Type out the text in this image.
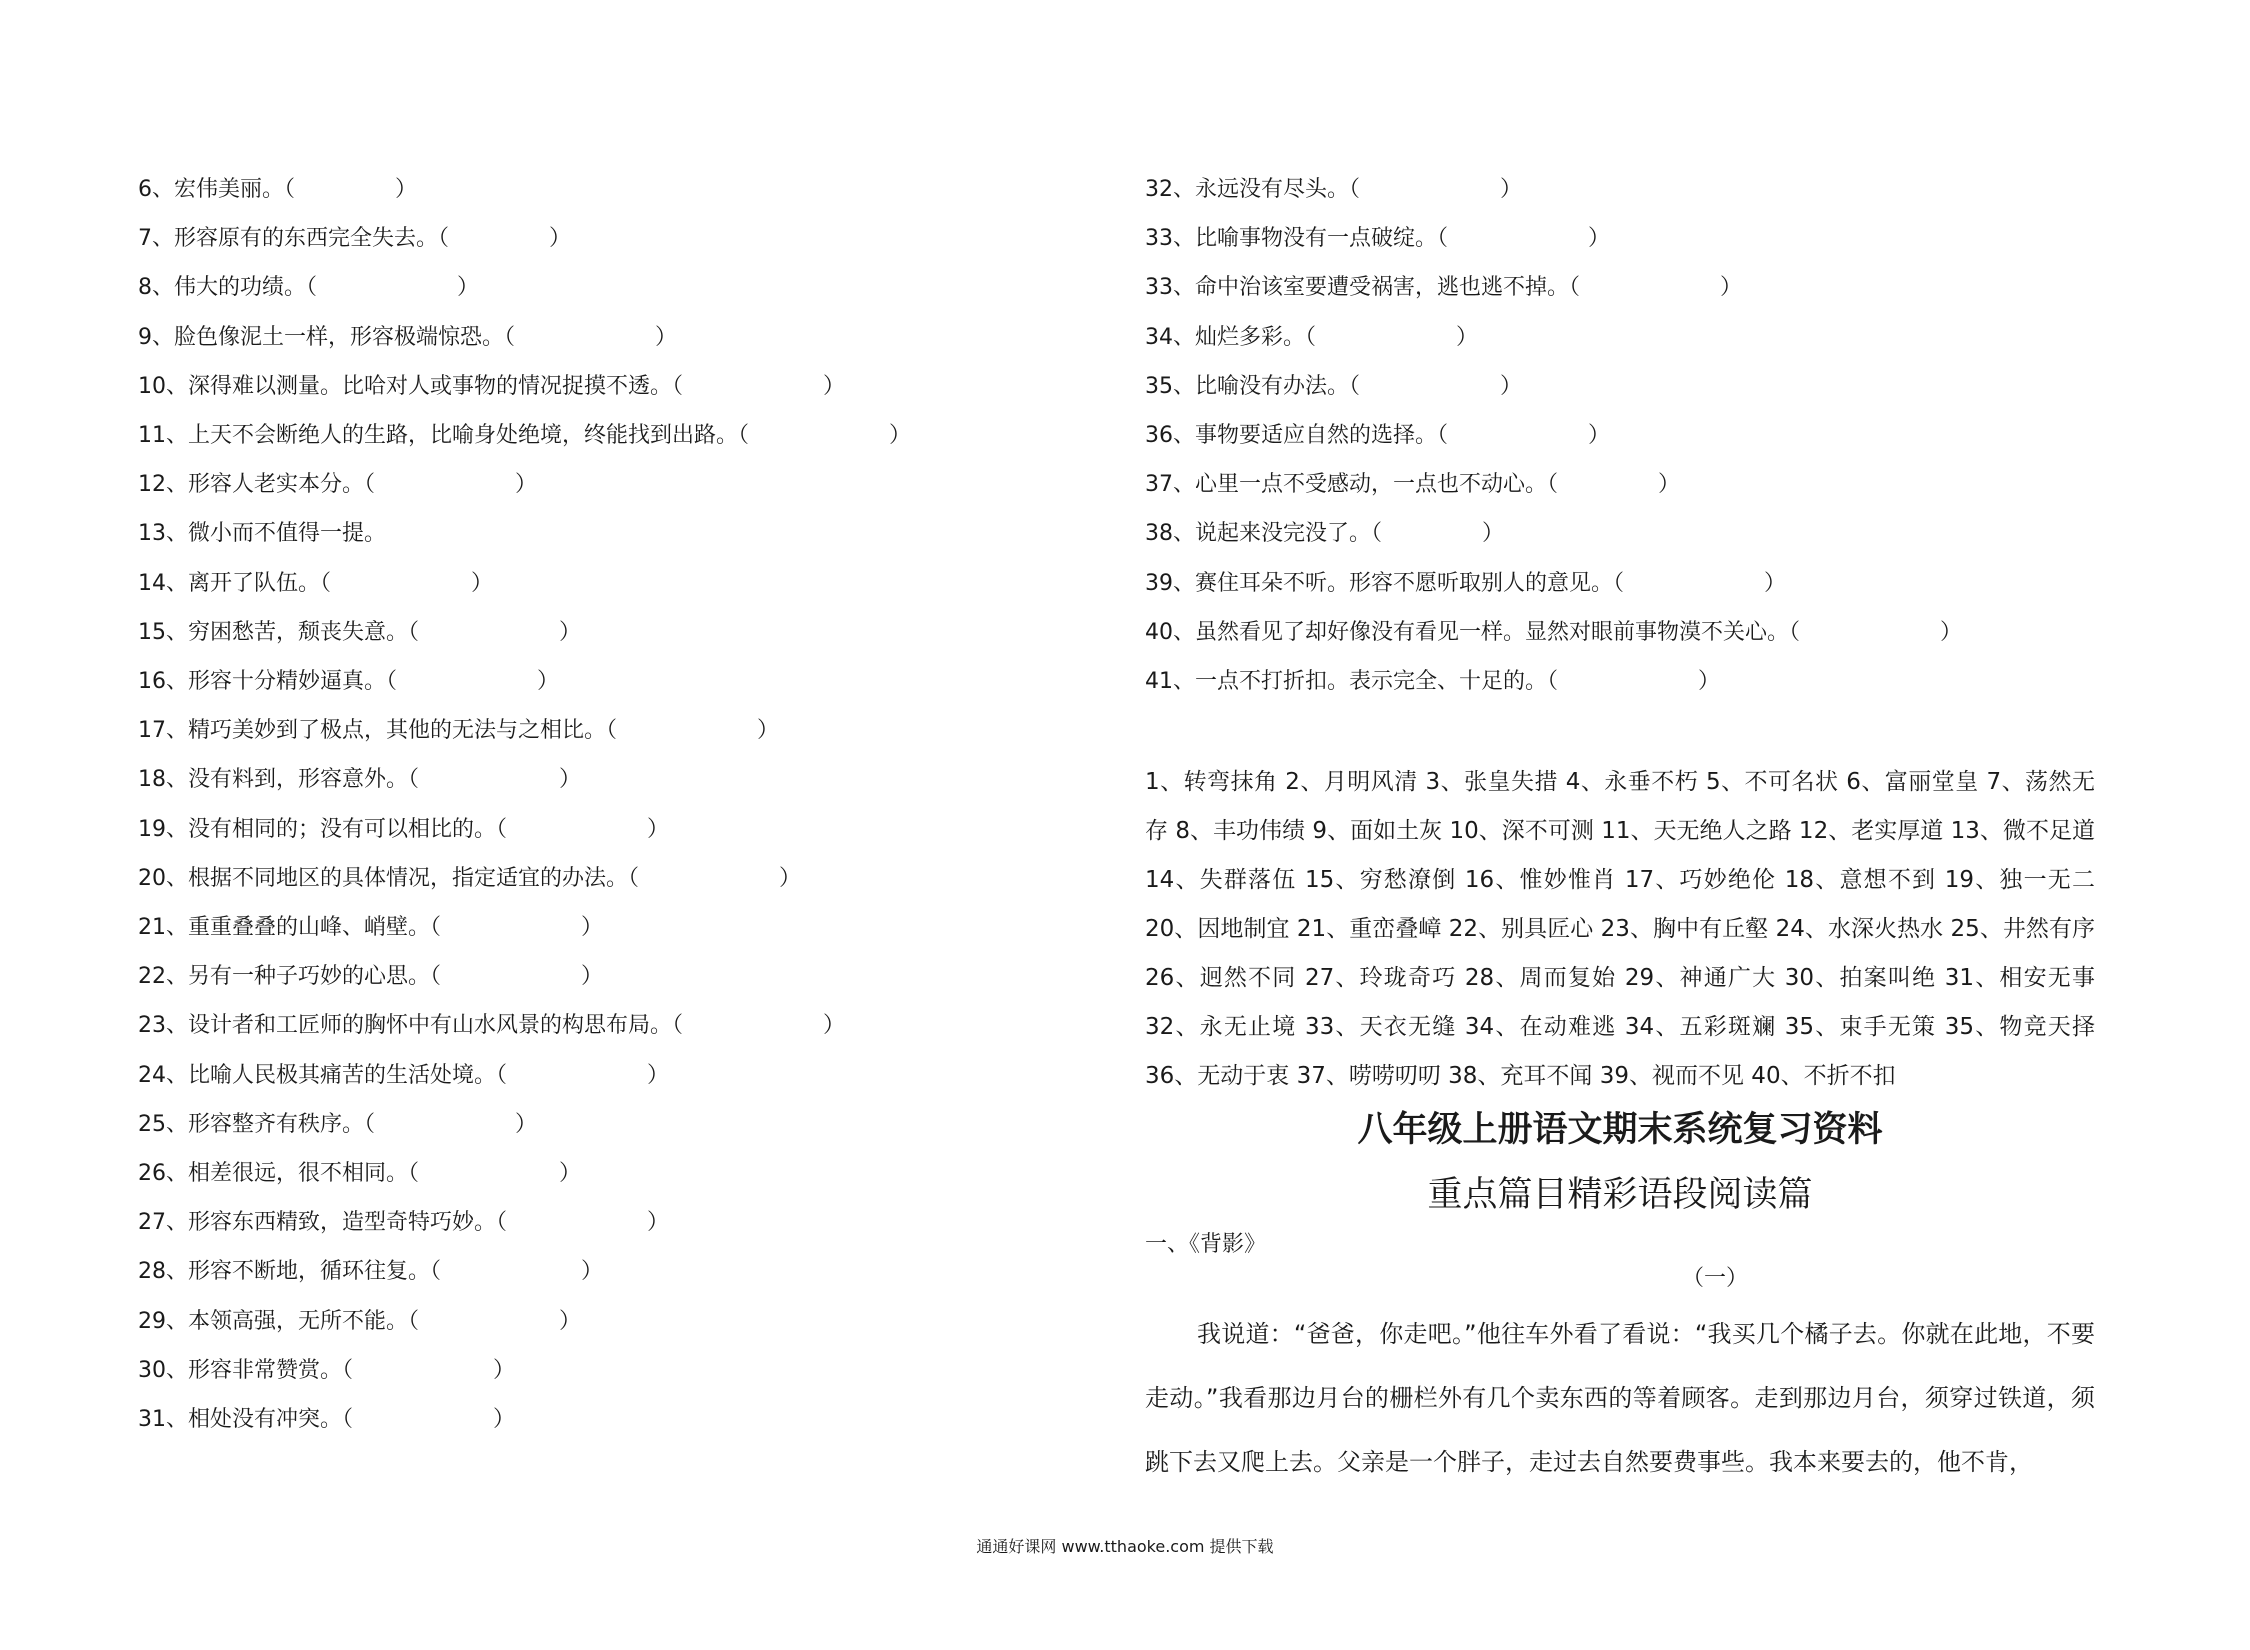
6、宏伟美丽。（	）
7、形容原有的东西完全失去。（	）
8、伟大的功绩。（	）
9、脸色像泥土一样，形容极端惊恐。（	）
10、深得难以测量。比哈对人或事物的情况捉摸不透。（	）
11、上天不会断绝人的生路，比喻身处绝境，终能找到出路。（	）
12、形容人老实本分。（	）
13、微小而不值得一提。
14、离开了队伍。（	）
15、穷困愁苦，颓丧失意。（	）
16、形容十分精妙逼真。（	）
17、精巧美妙到了极点，其他的无法与之相比。（	）
18、没有料到，形容意外。（	）
19、没有相同的；没有可以相比的。（	）
20、根据不同地区的具体情况，指定适宜的办法。（	）
21、重重叠叠的山峰、峭壁。（	）
22、另有一种子巧妙的心思。（	）
23、设计者和工匠师的胸怀中有山水风景的构思布局。（	）
24、比喻人民极其痛苦的生活处境。（	）
25、形容整齐有秩序。（	）
26、相差很远，很不相同。（	）
27、形容东西精致，造型奇特巧妙。（	）
28、形容不断地，循环往复。（	）
29、本领高强，无所不能。（	）
30、形容非常赞赏。（	）
31、相处没有冲突。（	）
1、转弯抹角 2、月明风清 3、张皇失措 4、永垂不朽 5、不可名状 6、富丽堂皇 7、荡然无存 8、丰功伟绩 9、面如土灰 10、深不可测 11、天无绝人之路 12、老实厚道 13、微不足道 14、失群落伍 15、穷愁潦倒 16、惟妙惟肖 17、巧妙绝伦 18、意想不到 19、独一无二 20、因地制宜 21、重峦叠嶂 22、别具匠心 23、胸中有丘壑 24、水深火热水 25、井然有序 26、迥然不同 27、玲珑奇巧 28、周而复始 29、神通广大 30、拍案叫绝 31、相安无事 32、永无止境 33、天衣无缝 34、在动难逃 34、五彩斑斓 35、束手无策 35、物竞天择 36、无动于衷 37、唠唠叨叨 38、充耳不闻 39、视而不见 40、不折不扣
八年级上册语文期末系统复习资料
重点篇目精彩语段阅读篇
一、《背影》
（一）
我说道：“爸爸，你走吧。”他往车外看了看说：“我买几个橘子去。你就在此地，不要走动。”我看那边月台的栅栏外有几个卖东西的等着顾客。走到那边月台，须穿过铁道，须跳下去又爬上去。父亲是一个胖子，走过去自然要费事些。我本来要去的，他不肯，
32、永远没有尽头。（	）
33、比喻事物没有一点破绽。（	）
33、命中治该室要遭受祸害，逃也逃不掉。（	）
34、灿烂多彩。（	）
35、比喻没有办法。（	）
36、事物要适应自然的选择。（	）
37、心里一点不受感动，一点也不动心。（	）
38、说起来没完没了。（	）
39、赛住耳朵不听。形容不愿听取别人的意见。（	）
40、虽然看见了却好像没有看见一样。显然对眼前事物漠不关心。（	）
41、一点不打折扣。表示完全、十足的。（	）
通通好课网 www.tthaoke.com 提供下载
